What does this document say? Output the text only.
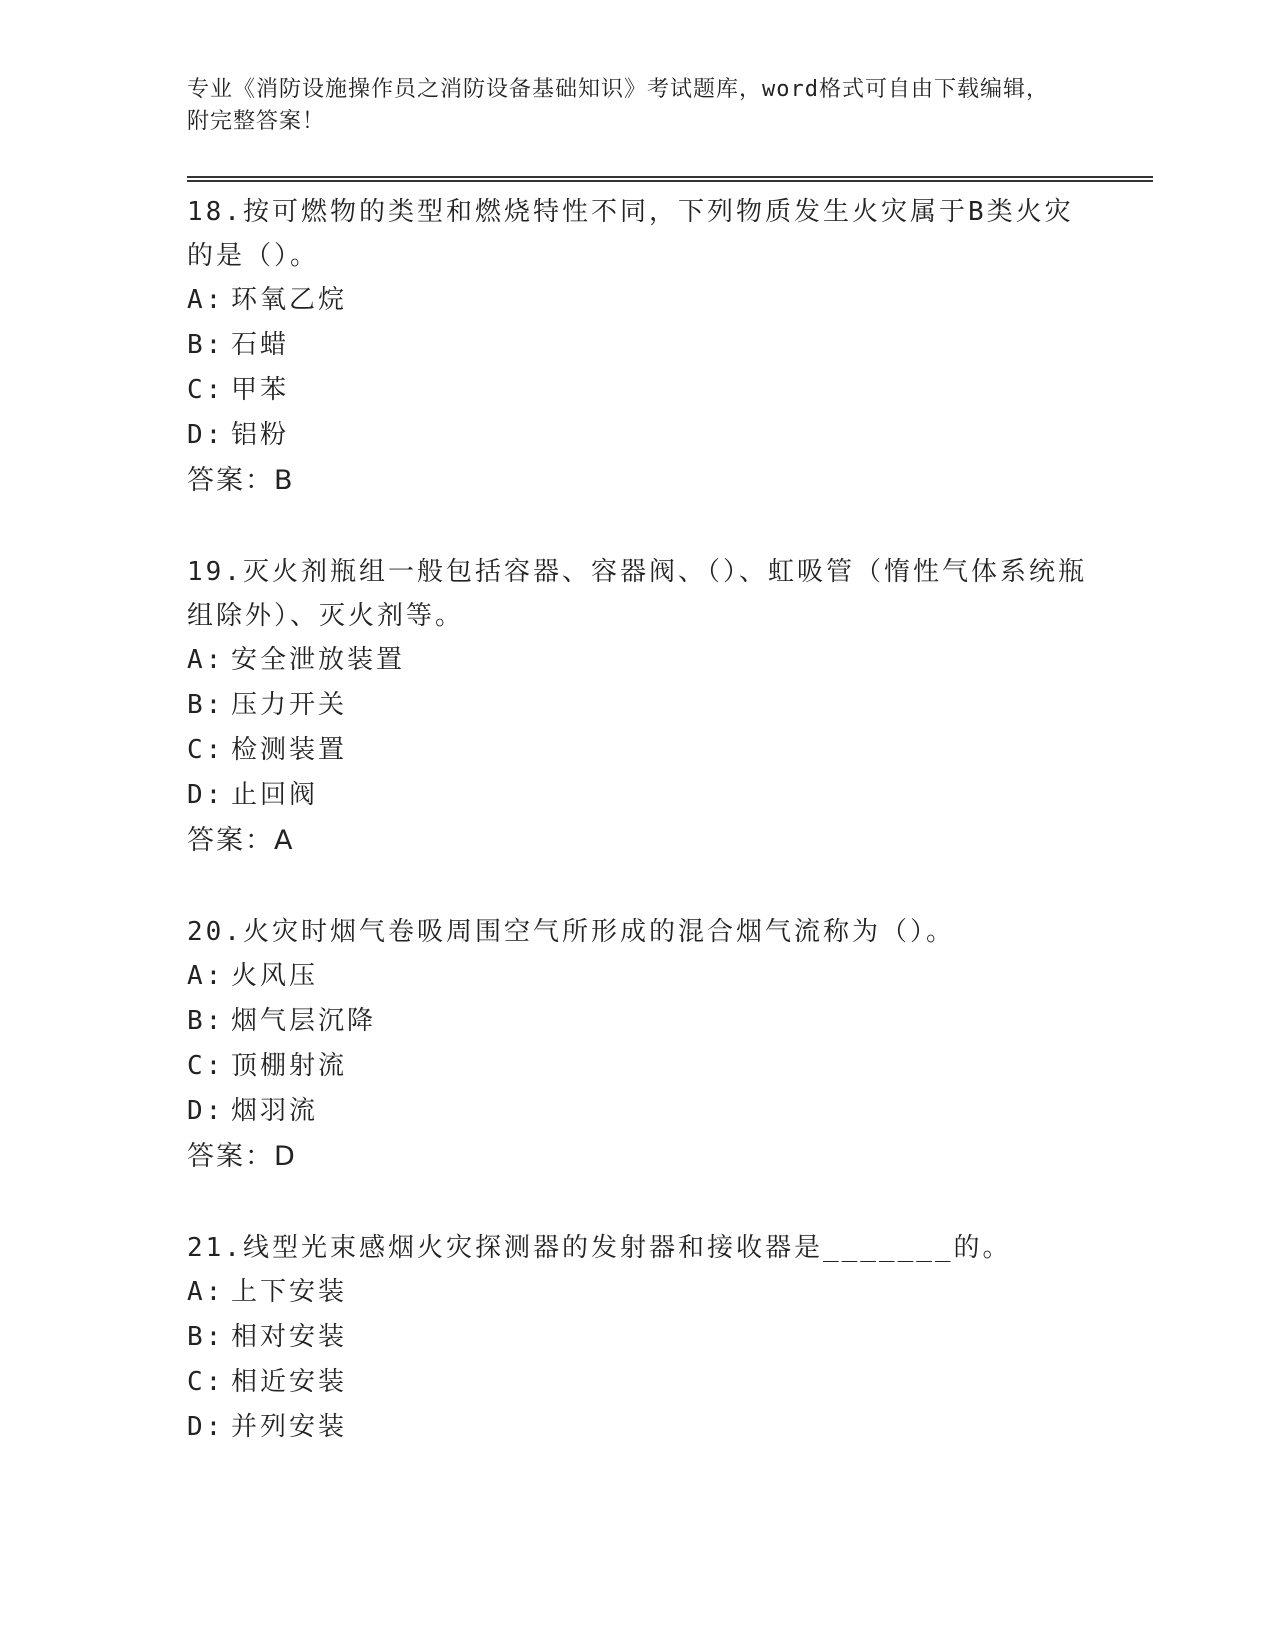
专业《消防设施操作员之消防设备基础知识》考试题库，word格式可自由下载编辑，附完整答案！

18.按可燃物的类型和燃烧特性不同，下列物质发生火灾属于B类火灾的是（）。

A: 环氧乙烷

B: 石蜡

C: 甲苯

D: 铝粉

答案：B

19.灭火剂瓶组一般包括容器、容器阀、（）、虹吸管（惰性气体系统瓶组除外）、灭火剂等。

A: 安全泄放装置

B: 压力开关

C: 检测装置

D: 止回阀

答案：A

20.火灾时烟气卷吸周围空气所形成的混合烟气流称为（）。

A: 火风压

B: 烟气层沉降

C: 顶棚射流

D: 烟羽流

答案：D

21.线型光束感烟火灾探测器的发射器和接收器是_______的。

A: 上下安装

B: 相对安装

C: 相近安装

D: 并列安装
